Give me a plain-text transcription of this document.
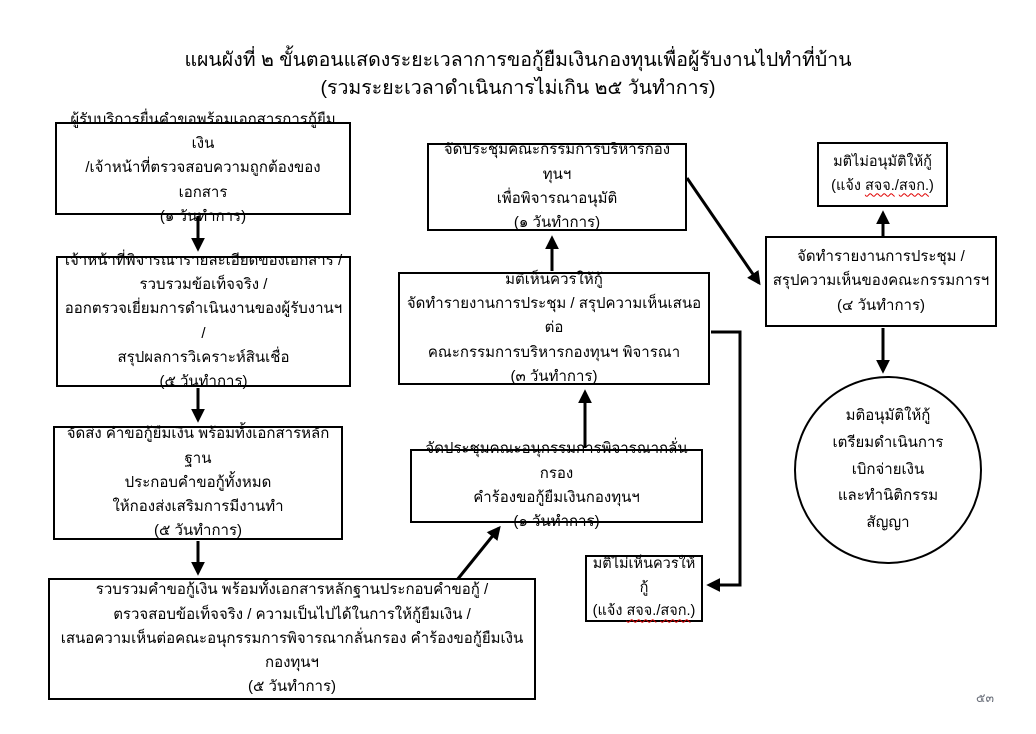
แผนผังที่ ๒ ขั้นตอนแสดงระยะเวลาการขอกู้ยืมเงินกองทุนเพื่อผู้รับงานไปทำที่บ้าน
(รวมระยะเวลาดำเนินการไม่เกิน ๒๕ วันทำการ)
ผู้รับบริการยื่นคำขอพร้อมเอกสารการกู้ยืมเงิน
/เจ้าหน้าที่ตรวจสอบความถูกต้องของเอกสาร
(๑ วันทำการ)
เจ้าหน้าที่พิจารณารายละเอียดของเอกสาร /
รวบรวมข้อเท็จจริง /
ออกตรวจเยี่ยมการดำเนินงานของผู้รับงานฯ /
สรุปผลการวิเคราะห์สินเชื่อ
(๕ วันทำการ)
จัดส่ง คำขอกู้ยืมเงิน พร้อมทั้งเอกสารหลักฐาน
ประกอบคำขอกู้ทั้งหมด
ให้กองส่งเสริมการมีงานทำ
(๕ วันทำการ)
รวบรวมคำขอกู้เงิน พร้อมทั้งเอกสารหลักฐานประกอบคำขอกู้ /
ตรวจสอบข้อเท็จจริง / ความเป็นไปได้ในการให้กู้ยืมเงิน /
เสนอความเห็นต่อคณะอนุกรรมการพิจารณากลั่นกรอง คำร้องขอกู้ยืมเงินกองทุนฯ
(๕ วันทำการ)
จัดประชุมคณะอนุกรรมการพิจารณากลั่นกรอง
คำร้องขอกู้ยืมเงินกองทุนฯ
(๑ วันทำการ)
มติเห็นควรให้กู้
จัดทำรายงานการประชุม / สรุปความเห็นเสนอต่อ
คณะกรรมการบริหารกองทุนฯ พิจารณา
(๓ วันทำการ)
จัดประชุมคณะกรรมการบริหารกองทุนฯ
เพื่อพิจารณาอนุมัติ
(๑ วันทำการ)
มติไม่เห็นควรให้กู้
(แจ้ง สจจ./สจก.)
มติไม่อนุมัติให้กู้
(แจ้ง สจจ./สจก.)
จัดทำรายงานการประชุม /
สรุปความเห็นของคณะกรรมการฯ
(๔ วันทำการ)
มติอนุมัติให้กู้
เตรียมดำเนินการ
เบิกจ่ายเงิน
และทำนิติกรรม
สัญญา
๕๓
